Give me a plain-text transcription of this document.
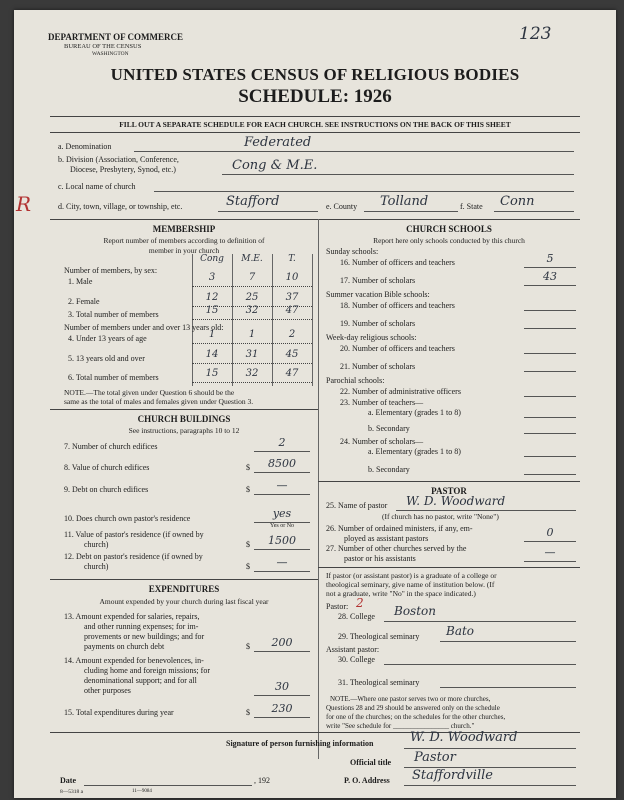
DEPARTMENT OF COMMERCE
BUREAU OF THE CENSUS
WASHINGTON
123
UNITED STATES CENSUS OF RELIGIOUS BODIES
SCHEDULE: 1926
FILL OUT A SEPARATE SCHEDULE FOR EACH CHURCH. SEE INSTRUCTIONS ON THE BACK OF THIS SHEET
a. Denomination	Federated
b. Division (Association, Conference,
Diocese, Presbytery, Synod, etc.)	Cong & M.E.
c. Local name of church
R	d. City, town, village, or township, etc.	Stafford	e. County Tolland	f. State Conn
MEMBERSHIP
Report number of members according to definition of
member in your church
Cong	M.E.	T.
Number of members, by sex:
1. Male	3	7	10
2. Female	12	25	37
3. Total number of members	15	32	47
Number of members under and over 13 years old:
4. Under 13 years of age	1	1	2
5. 13 years old and over	14	31	45
6. Total number of members	15	32	47
NOTE.—The total given under Question 6 should be the
same as the total of males and females given under Question 3.
CHURCH BUILDINGS
See instructions, paragraphs 10 to 12
7. Number of church edifices	2
8. Value of church edifices	$	8500
9. Debt on church edifices	$	—
10. Does church own pastor's residence	yes
Yes or No
11. Value of pastor's residence (if owned by
church)	$	1500
12. Debt on pastor's residence (if owned by
church)	$	—
EXPENDITURES
Amount expended by your church during last fiscal year
13. Amount expended for salaries, repairs,
and other running expenses; for im-
provements or new buildings; and for
payments on church debt	$	200
14. Amount expended for benevolences, in-
cluding home and foreign missions; for
denominational support; and for all
other purposes	30
15. Total expenditures during year	$	230
CHURCH SCHOOLS
Report here only schools conducted by this church
Sunday schools:
16. Number of officers and teachers	5
17. Number of scholars	43
Summer vacation Bible schools:
18. Number of officers and teachers
19. Number of scholars
Week-day religious schools:
20. Number of officers and teachers
21. Number of scholars
Parochial schools:
22. Number of administrative officers
23. Number of teachers—
a. Elementary (grades 1 to 8)
b. Secondary
24. Number of scholars—
a. Elementary (grades 1 to 8)
b. Secondary
PASTOR
25. Name of pastor W. D. Woodward
(If church has no pastor, write "None")
26. Number of ordained ministers, if any, em-
ployed as assistant pastors	0
27. Number of other churches served by the
pastor or his assistants	—
If pastor (or assistant pastor) is a graduate of a college or
theological seminary, give name of institution below. (If
not a graduate, write "No" in the space indicated.)
Pastor: 2
28. College Boston
29. Theological seminary Bato
Assistant pastor:
30. College
31. Theological seminary
NOTE.—Where one pastor serves two or more churches,
Questions 28 and 29 should be answered only on the schedule
for one of the churches; on the schedules for the other churches,
write "See schedule for ________________ church."
Signature of person furnishing information	W. D. Woodward
Official title Pastor
Date	, 192	P. O. Address Staffordville
8—5318 a	11—9084
